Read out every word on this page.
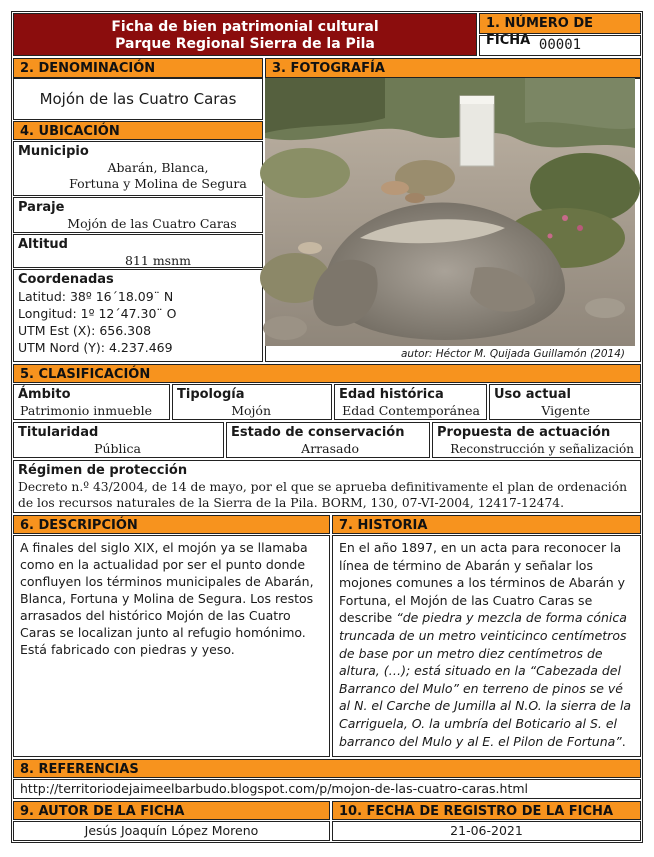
Ficha de bien patrimonial cultural
Parque Regional Sierra de la Pila
1. NÚMERO DE FICHA 00001
2. DENOMINACIÓN	3. FOTOGRAFÍA
Mojón de las Cuatro Caras
4. UBICACIÓN
Municipio
Abarán, Blanca,
Fortuna y Molina de Segura
Paraje
Mojón de las Cuatro Caras
Altitud
811 msnm
Coordenadas
Latitud: 38º 16´18.09¨ N
Longitud: 1º 12´47.30¨ O
UTM Est (X): 656.308
UTM Nord (Y): 4.237.469	autor: Héctor M. Quijada Guillamón (2014)
5. CLASIFICACIÓN
Ámbito
Patrimonio inmueble
Tipología
Mojón
Edad histórica
Edad Contemporánea
Uso actual
Vigente
Titularidad
Pública
Estado de conservación
Arrasado
Propuesta de actuación
Reconstrucción y señalización
Régimen de protección
Decreto n.º 43/2004, de 14 de mayo, por el que se aprueba definitivamente el plan de ordenación
de los recursos naturales de la Sierra de la Pila. BORM, 130, 07-VI-2004, 12417-12474.
6. DESCRIPCIÓN	7. HISTORIA
A finales del siglo XIX, el mojón ya se llamaba como en la actualidad por ser el punto donde confluyen los términos municipales de Abarán, Blanca, Fortuna y Molina de Segura. Los restos arrasados del histórico Mojón de las Cuatro Caras se localizan junto al refugio homónimo. Está fabricado con piedras y yeso.
En el año 1897, en un acta para reconocer la línea de término de Abarán y señalar los mojones comunes a los términos de Abarán y Fortuna, el Mojón de las Cuatro Caras se describe “de piedra y mezcla de forma cónica truncada de un metro veinticinco centímetros de base por un metro diez centímetros de altura, (…); está situado en la “Cabezada del Barranco del Mulo” en terreno de pinos se vé al N. el Carche de Jumilla al N.O. la sierra de la Carriguela, O. la umbría del Boticario al S. el barranco del Mulo y al E. el Pilon de Fortuna”.
8. REFERENCIAS
http://territoriodejaimeelbarbudo.blogspot.com/p/mojon-de-las-cuatro-caras.html
9. AUTOR DE LA FICHA	10. FECHA DE REGISTRO DE LA FICHA
Jesús Joaquín López Moreno	21-06-2021
